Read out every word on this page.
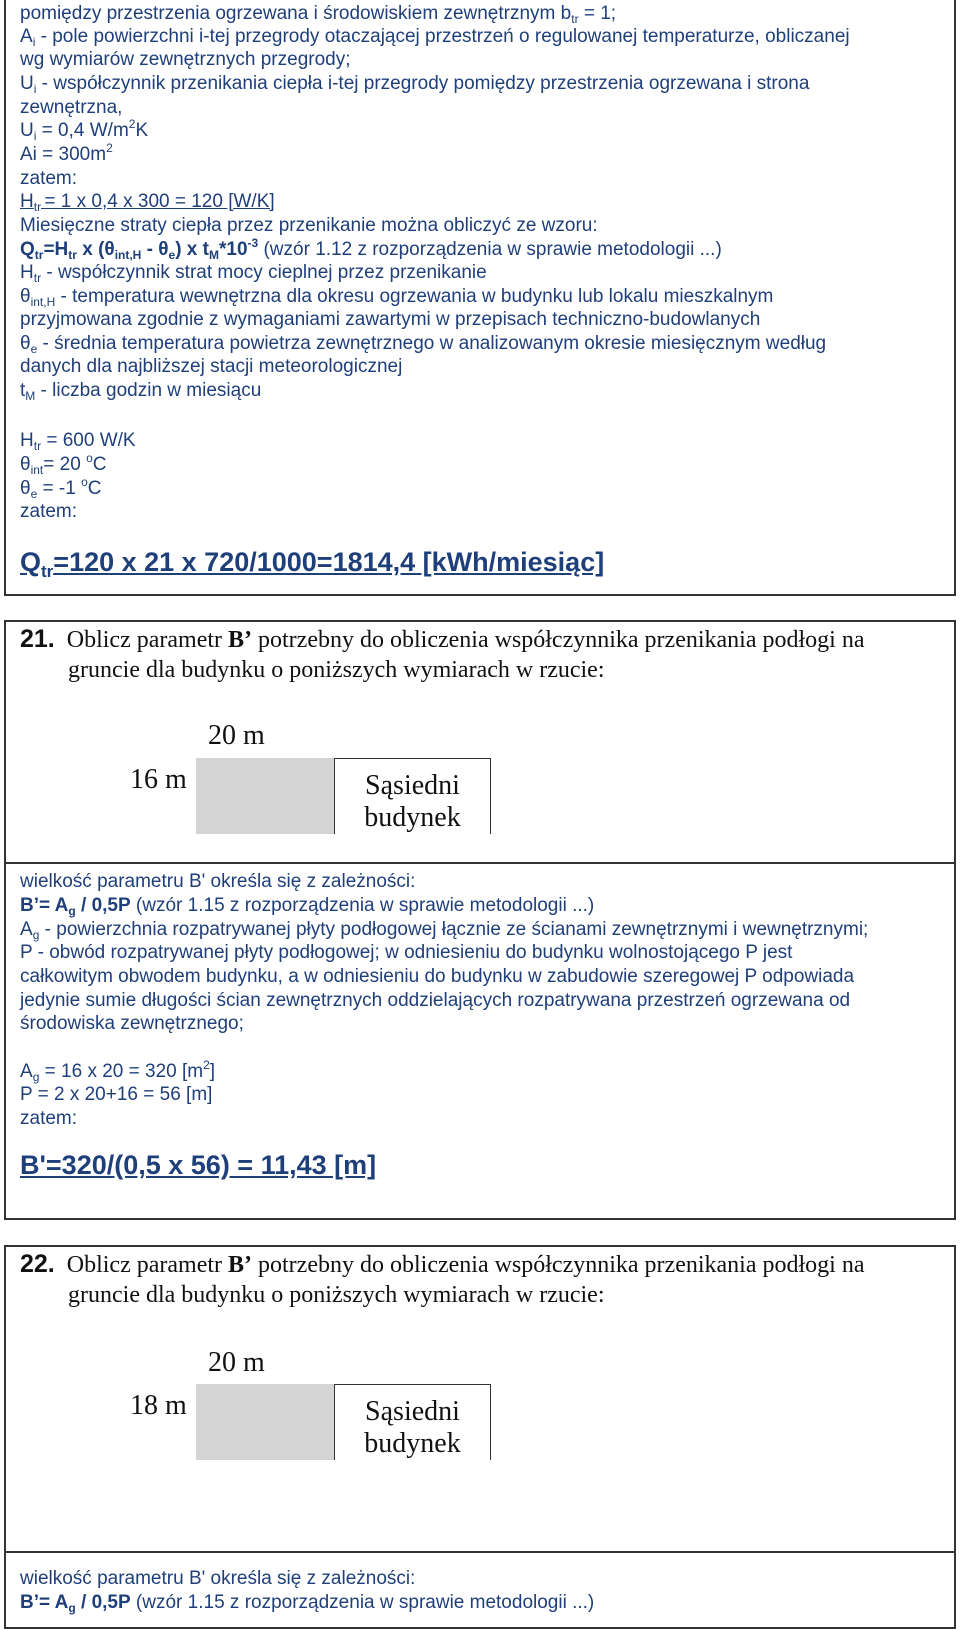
pomiędzy przestrzenia ogrzewana i środowiskiem zewnętrznym $b_{tr} = 1$;
$A_i$ - pole powierzchni i-tej przegrody otaczającej przestrzeń o regulowanej temperaturze, obliczanej
wg wymiarów zewnętrznych przegrody;
$U_i$ - współczynnik przenikania ciepła i-tej przegrody pomiędzy przestrzenia ogrzewana i strona
zewnętrzna,
$U_i = 0,4$ $W/m^2K$
$Ai = 300m^2$
zatem:
$H_{tr} = 1$ x 0,4 x 300 = 120 [W/K]
Miesięczne straty ciepła przez przenikanie można obliczyć ze wzoru:
$Q_{tr}=H_{tr}$ x $(\theta_{int,H} - \theta_e)$ x $t_M*10^{-3}$ (wzór 1.12 z rozporządzenia w sprawie metodologii ...)
$H_{tr}$ - współczynnik strat mocy cieplnej przez przenikanie
$\theta_{int,H}$ - temperatura wewnętrzna dla okresu ogrzewania w budynku lub lokalu mieszkalnym
przyjmowana zgodnie z wymaganiami zawartymi w przepisach techniczno-budowlanych
$\theta_e$ - średnia temperatura powietrza zewnętrznego w analizowanym okresie miesięcznym według
danych dla najbliższej stacji meteorologicznej
$t_M$ - liczba godzin w miesiącu
$H_{tr} = 600$ W/K
$\theta_{int}= 20$ $^o$C
$\theta_e = -1$ $^o$C
zatem:
$Q_{tr}=120$ x 21 x 720/1000=1814,4 [kWh/miesiąc]
21. Oblicz parametr B’ potrzebny do obliczenia współczynnika przenikania podłogi na gruncie dla budynku o poniższych wymiarach w rzucie:
20 m
16 m	Sąsiedni
budynek
wielkość parametru B' określa się z zależności:
B’= $A_g / 0,5P$ (wzór 1.15 z rozporządzenia w sprawie metodologii ...)
$A_g$ - powierzchnia rozpatrywanej płyty podłogowej łącznie ze ścianami zewnętrznymi i wewnętrznymi;
P - obwód rozpatrywanej płyty podłogowej; w odniesieniu do budynku wolnostojącego P jest
całkowitym obwodem budynku, a w odniesieniu do budynku w zabudowie szeregowej P odpowiada
jedynie sumie długości ścian zewnętrznych oddzielających rozpatrywana przestrzeń ogrzewana od
środowiska zewnętrznego;
$A_g = 16$ x 20 = 320 $[m^2]$
P = 2 x 20+16 = 56 [m]
zatem:
B'=320/(0,5 x 56) = 11,43 [m]
22. Oblicz parametr B’ potrzebny do obliczenia współczynnika przenikania podłogi na gruncie dla budynku o poniższych wymiarach w rzucie:
20 m
18 m	Sąsiedni
budynek
wielkość parametru B' określa się z zależności:
B’= $A_g / 0,5P$ (wzór 1.15 z rozporządzenia w sprawie metodologii ...)
